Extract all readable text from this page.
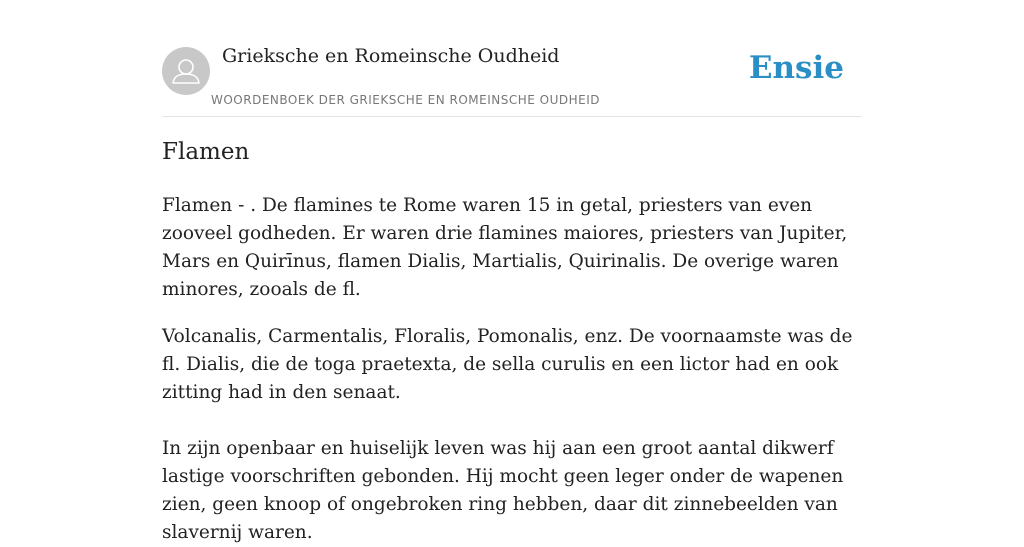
Grieksche en Romeinsche Oudheid
WOORDENBOEK DER GRIEKSCHE EN ROMEINSCHE OUDHEID
Ensie
Flamen

Flamen - . De flamines te Rome waren 15 in getal, priesters van even zooveel godheden. Er waren drie flamines maiores, priesters van Jupiter, Mars en Quirīnus, flamen Dialis, Martialis, Quirinalis. De overige waren minores, zooals de fl.

Volcanalis, Carmentalis, Floralis, Pomonalis, enz. De voornaamste was de fl. Dialis, die de toga praetexta, de sella curulis en een lictor had en ook zitting had in den senaat.

In zijn openbaar en huiselijk leven was hij aan een groot aantal dikwerf lastige voorschriften gebonden. Hij mocht geen leger onder de wapenen zien, geen knoop of ongebroken ring hebben, daar dit zinnebeelden van slavernij waren.
